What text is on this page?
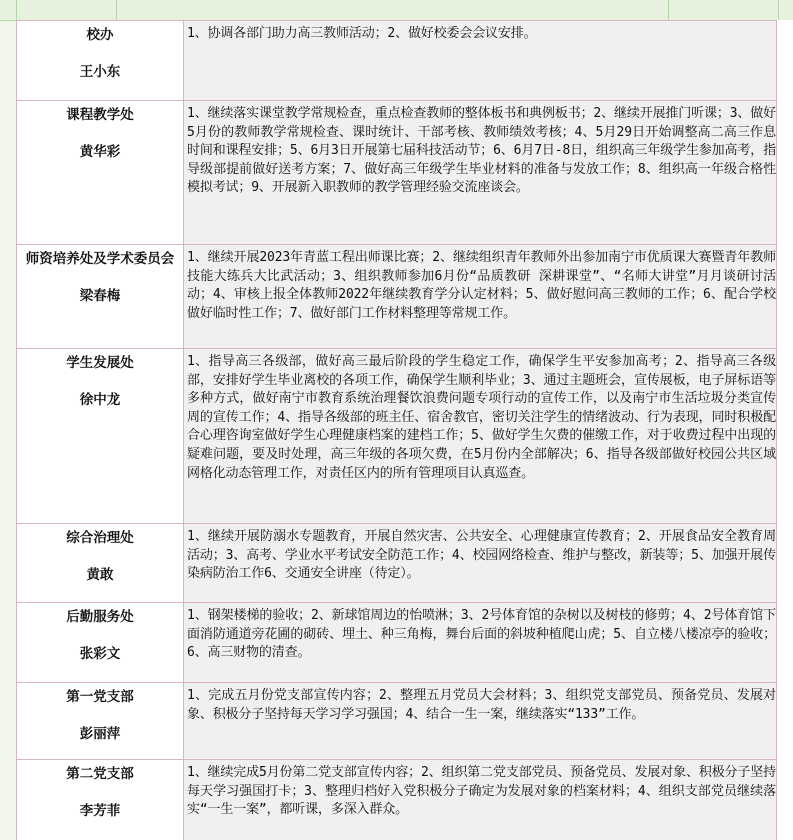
校办
王小东	1、协调各部门助力高三教师活动；2、做好校委会会议安排。

课程教学处
黄华彩	1、继续落实课堂教学常规检查，重点检查教师的整体板书和典例板书；2、继续开展推门听课；3、做好5月份的教师教学常规检查、课时统计、干部考核、教师绩效考核；4、5月29日开始调整高二高三作息时间和课程安排；5、6月3日开展第七届科技活动节；6、6月7日-8日，组织高三年级学生参加高考，指导级部提前做好送考方案；7、做好高三年级学生毕业材料的准备与发放工作；8、组织高一年级合格性模拟考试；9、开展新入职教师的教学管理经验交流座谈会。

师资培养处及学术委员会
梁春梅	1、继续开展2023年青蓝工程出师课比赛；2、继续组织青年教师外出参加南宁市优质课大赛暨青年教师技能大练兵大比武活动；3、组织教师参加6月份“品质教研 深耕课堂”、“名师大讲堂”月月谈研讨活动；4、审核上报全体教师2022年继续教育学分认定材料；5、做好慰问高三教师的工作；6、配合学校做好临时性工作；7、做好部门工作材料整理等常规工作。

学生发展处
徐中龙	1、指导高三各级部，做好高三最后阶段的学生稳定工作，确保学生平安参加高考；2、指导高三各级部，安排好学生毕业离校的各项工作，确保学生顺利毕业；3、通过主题班会，宣传展板，电子屏标语等多种方式，做好南宁市教育系统治理餐饮浪费问题专项行动的宣传工作，以及南宁市生活垃圾分类宣传周的宣传工作；4、指导各级部的班主任、宿舍教官，密切关注学生的情绪波动、行为表现，同时积极配合心理咨询室做好学生心理健康档案的建档工作；5、做好学生欠费的催缴工作，对于收费过程中出现的疑难问题，要及时处理，高三年级的各项欠费，在5月份内全部解决；6、指导各级部做好校园公共区域网格化动态管理工作，对责任区内的所有管理项目认真巡查。

综合治理处
黄敢	1、继续开展防溺水专题教育，开展自然灾害、公共安全、心理健康宣传教育；2、开展食品安全教育周活动；3、高考、学业水平考试安全防范工作；4、校园网络检查、维护与整改，新装等；5、加强开展传染病防治工作6、交通安全讲座（待定）。

后勤服务处
张彩文	1、钢架楼梯的验收；2、新球馆周边的怡喷淋；3、2号体育馆的杂树以及树枝的修剪；4、2号体育馆下面消防通道旁花圃的砌砖、埋土、种三角梅，舞台后面的斜坡种植爬山虎；5、自立楼八楼凉亭的验收；6、高三财物的清查。

第一党支部
彭丽萍	1、完成五月份党支部宣传内容；2、整理五月党员大会材料；3、组织党支部党员、预备党员、发展对象、积极分子坚持每天学习学习强国；4、结合一生一案，继续落实“133”工作。

第二党支部
李芳菲	1、继续完成5月份第二党支部宣传内容；2、组织第二党支部党员、预备党员、发展对象、积极分子坚持每天学习强国打卡；3、整理归档好入党积极分子确定为发展对象的档案材料；4、组织支部党员继续落实“一生一案”，都听课，多深入群众。
